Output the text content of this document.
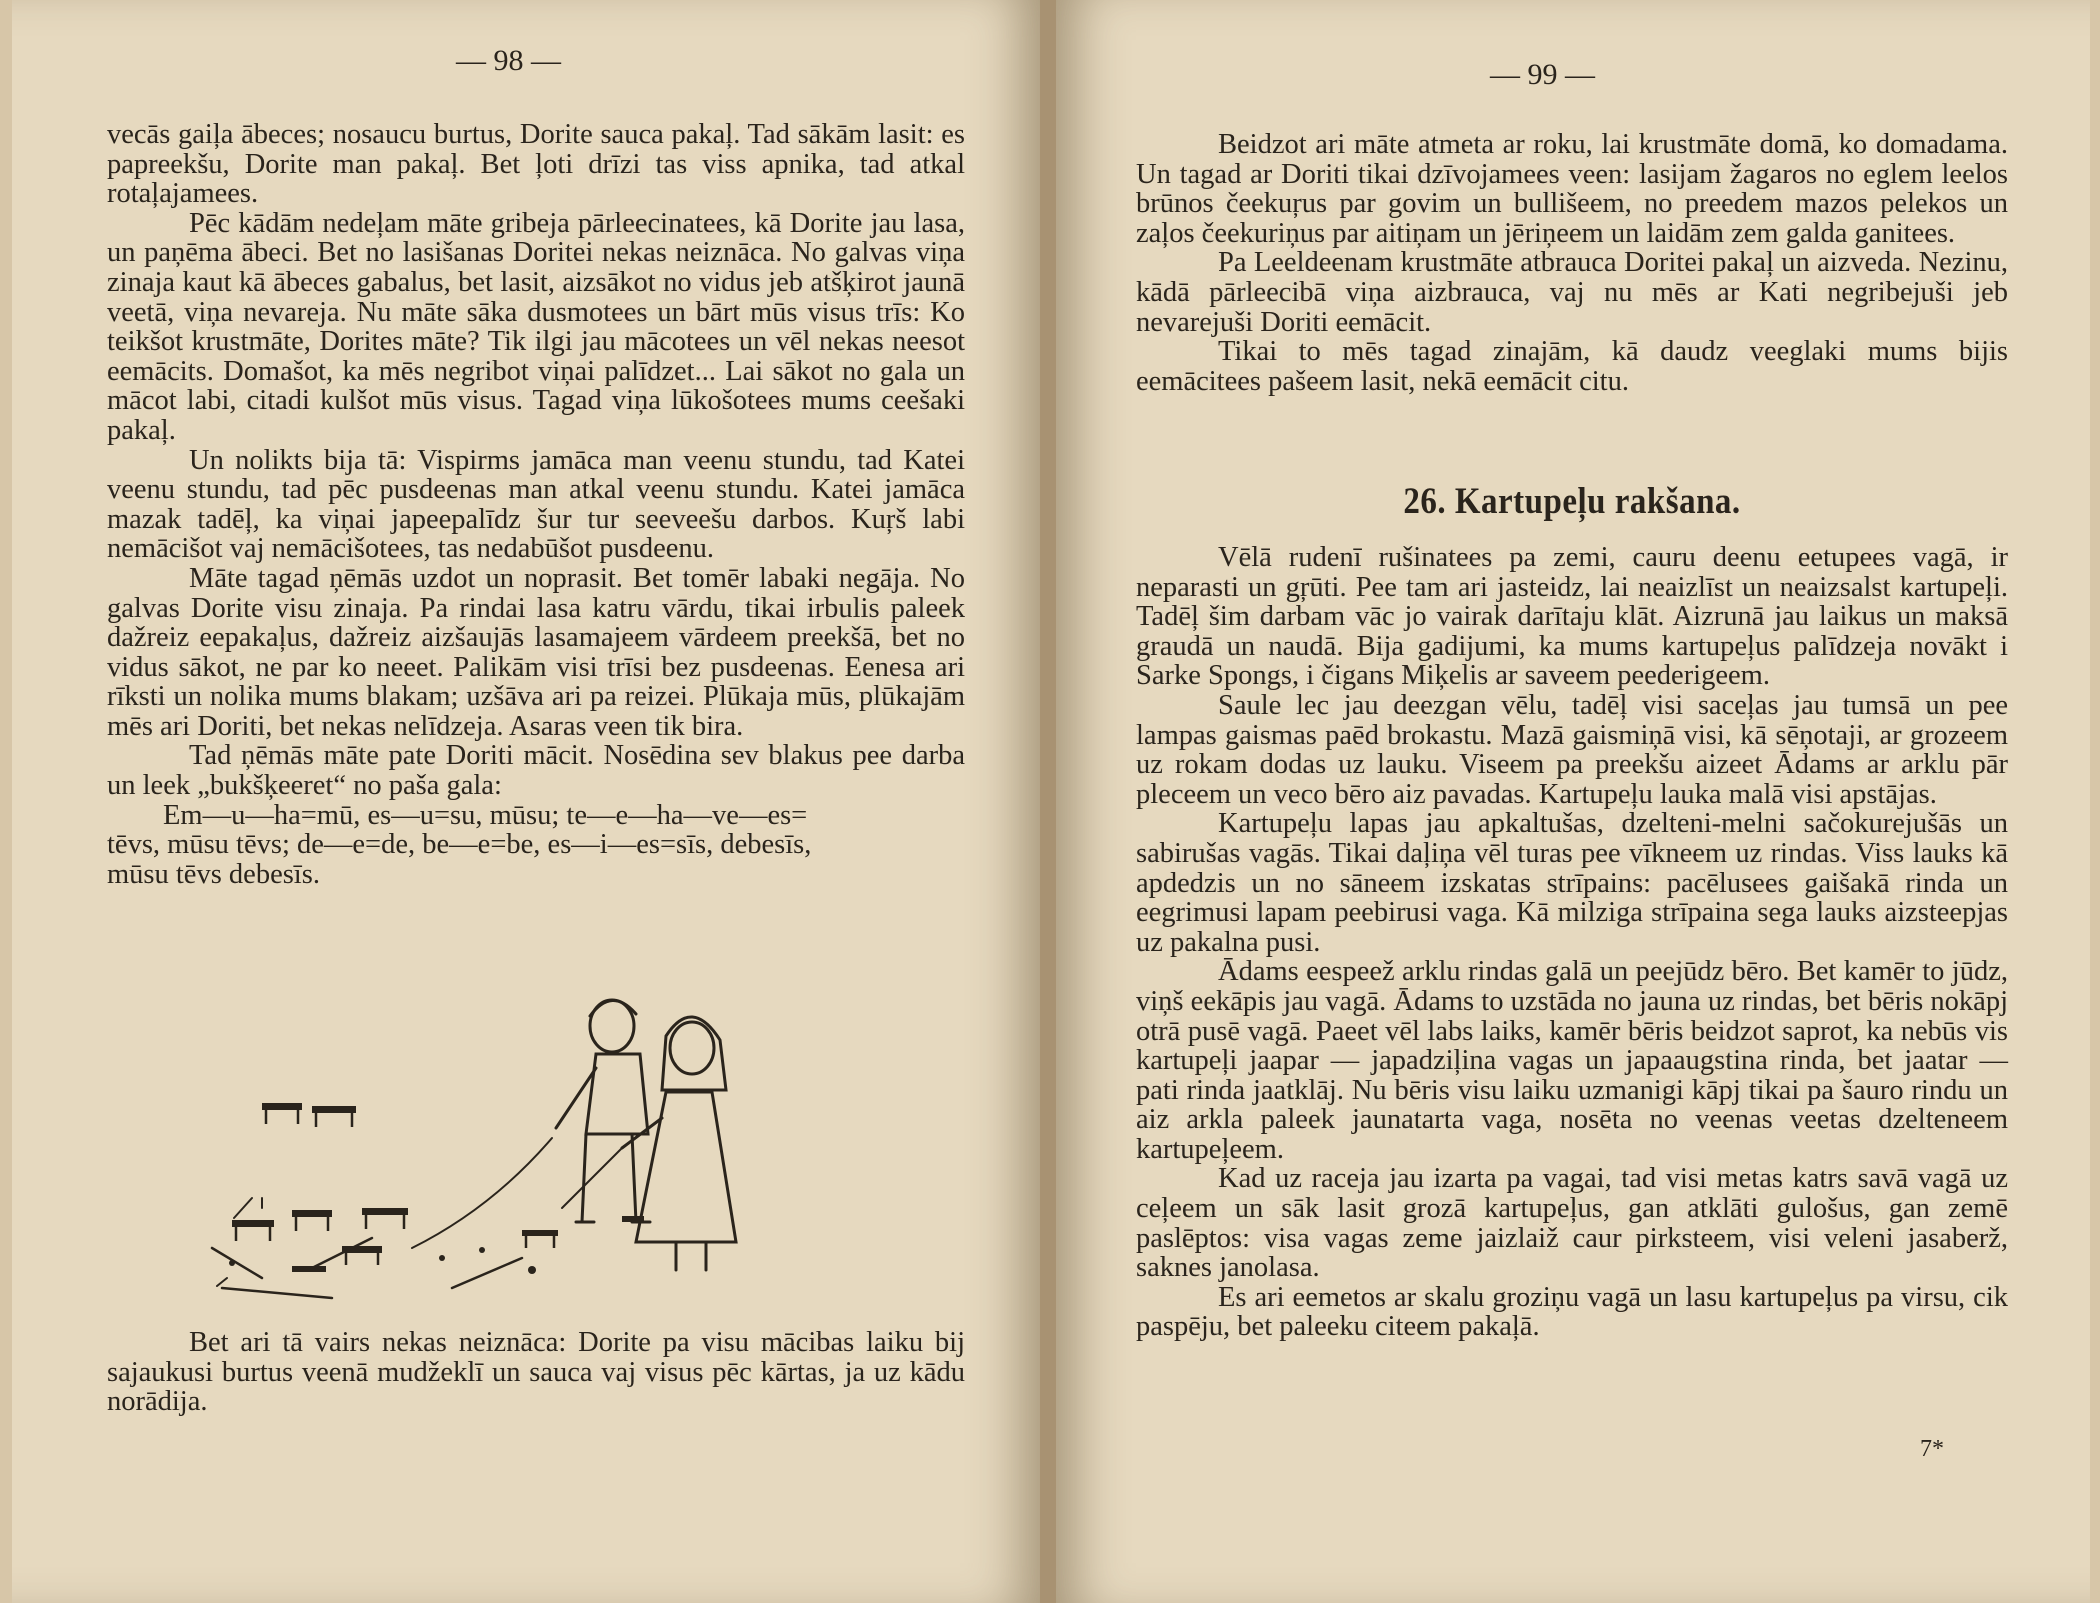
— 98 —

vecās gaiļa ābeces; nosaucu burtus, Dorite sauca pakaļ. Tad sākām lasit: es papreekšu, Dorite man pakaļ. Bet ļoti drīzi tas viss apnika, tad atkal rotaļajamees.

Pēc kādām nedeļam māte gribeja pārleecinatees, kā Dorite jau lasa, un paņēma ābeci. Bet no lasišanas Doritei nekas neiznāca. No galvas viņa zinaja kaut kā ābeces gabalus, bet lasit, aizsākot no vidus jeb atšķirot jaunā veetā, viņa nevareja. Nu māte sāka dusmotees un bārt mūs visus trīs: Ko teikšot krustmāte, Dorites māte? Tik ilgi jau mācotees un vēl nekas neesot eemācits. Domašot, ka mēs negribot viņai palīdzet... Lai sākot no gala un mācot labi, citadi kulšot mūs visus. Tagad viņa lūkošotees mums ceešaki pakaļ.

Un nolikts bija tā: Vispirms jamāca man veenu stundu, tad Katei veenu stundu, tad pēc pusdeenas man atkal veenu stundu. Katei jamāca mazak tadēļ, ka viņai japeepalīdz šur tur seeveešu darbos. Kuŗš labi nemācišot vaj nemācišotees, tas nedabūšot pusdeenu.

Māte tagad ņēmās uzdot un noprasit. Bet tomēr labaki negāja. No galvas Dorite visu zinaja. Pa rindai lasa katru vārdu, tikai irbulis paleek dažreiz eepakaļus, dažreiz aizšaujās lasamajeem vārdeem preekšā, bet no vidus sākot, ne par ko neeet. Palikām visi trīsi bez pusdeenas. Eenesa ari rīksti un nolika mums blakam; uzšāva ari pa reizei. Plūkaja mūs, plūkajām mēs ari Doriti, bet nekas nelīdzeja. Asaras veen tik bira.

Tad ņēmās māte pate Doriti mācit. Nosēdina sev blakus pee darba un leek „bukšķeeret“ no paša gala:

Em—u—ha=mū, es—u=su, mūsu; te—e—ha—ve—es=

tēvs, mūsu tēvs; de—e=de, be—e=be, es—i—es=sīs, debesīs,

mūsu tēvs debesīs.

Bet ari tā vairs nekas neiznāca: Dorite pa visu mācibas laiku bij sajaukusi burtus veenā mudžeklī un sauca vaj visus pēc kārtas, ja uz kādu norādija.

— 99 —

Beidzot ari māte atmeta ar roku, lai krustmāte domā, ko domadama. Un tagad ar Doriti tikai dzīvojamees veen: lasijam žagaros no eglem leelos brūnos čeekuŗus par govim un bullišeem, no preedem mazos pelekos un zaļos čeekuriņus par aitiņam un jēriņeem un laidām zem galda ganitees.

Pa Leeldeenam krustmāte atbrauca Doritei pakaļ un aizveda. Nezinu, kādā pārleecibā viņa aizbrauca, vaj nu mēs ar Kati negribejuši jeb nevarejuši Doriti eemācit.

Tikai to mēs tagad zinajām, kā daudz veeglaki mums bijis eemācitees pašeem lasit, nekā eemācit citu.

26. Kartupeļu rakšana.

Vēlā rudenī rušinatees pa zemi, cauru deenu eetupees vagā, ir neparasti un gŗūti. Pee tam ari jasteidz, lai neaizlīst un neaizsalst kartupeļi. Tadēļ šim darbam vāc jo vairak darītaju klāt. Aizrunā jau laikus un maksā graudā un naudā. Bija gadijumi, ka mums kartupeļus palīdzeja novākt i Sarke Spongs, i čigans Miķelis ar saveem peederigeem.

Saule lec jau deezgan vēlu, tadēļ visi saceļas jau tumsā un pee lampas gaismas paēd brokastu. Mazā gaismiņā visi, kā sēņotaji, ar grozeem uz rokam dodas uz lauku. Viseem pa preekšu aizeet Ādams ar arklu pār pleceem un veco bēro aiz pavadas. Kartupeļu lauka malā visi apstājas.

Kartupeļu lapas jau apkaltušas, dzelteni-melni sačokurejušās un sabirušas vagās. Tikai daļiņa vēl turas pee vīkneem uz rindas. Viss lauks kā apdedzis un no sāneem izskatas strīpains: pacēlusees gaišakā rinda un eegrimusi lapam peebirusi vaga. Kā milziga strīpaina sega lauks aizsteepjas uz pakalna pusi.

Ādams eespeež arklu rindas galā un peejūdz bēro. Bet kamēr to jūdz, viņš eekāpis jau vagā. Ādams to uzstāda no jauna uz rindas, bet bēris nokāpj otrā pusē vagā. Paeet vēl labs laiks, kamēr bēris beidzot saprot, ka nebūs vis kartupeļi jaapar — japadziļina vagas un japaaugstina rinda, bet jaatar — pati rinda jaatklāj. Nu bēris visu laiku uzmanigi kāpj tikai pa šauro rindu un aiz arkla paleek jaunatarta vaga, nosēta no veenas veetas dzelteneem kartupeļeem.

Kad uz raceja jau izarta pa vagai, tad visi metas katrs savā vagā uz ceļeem un sāk lasit grozā kartupeļus, gan atklāti gulošus, gan zemē paslēptos: visa vagas zeme jaizlaiž caur pirksteem, visi veleni jasaberž, saknes janolasa.

Es ari eemetos ar skalu groziņu vagā un lasu kartupeļus pa virsu, cik paspēju, bet paleeku citeem pakaļā.

7*
